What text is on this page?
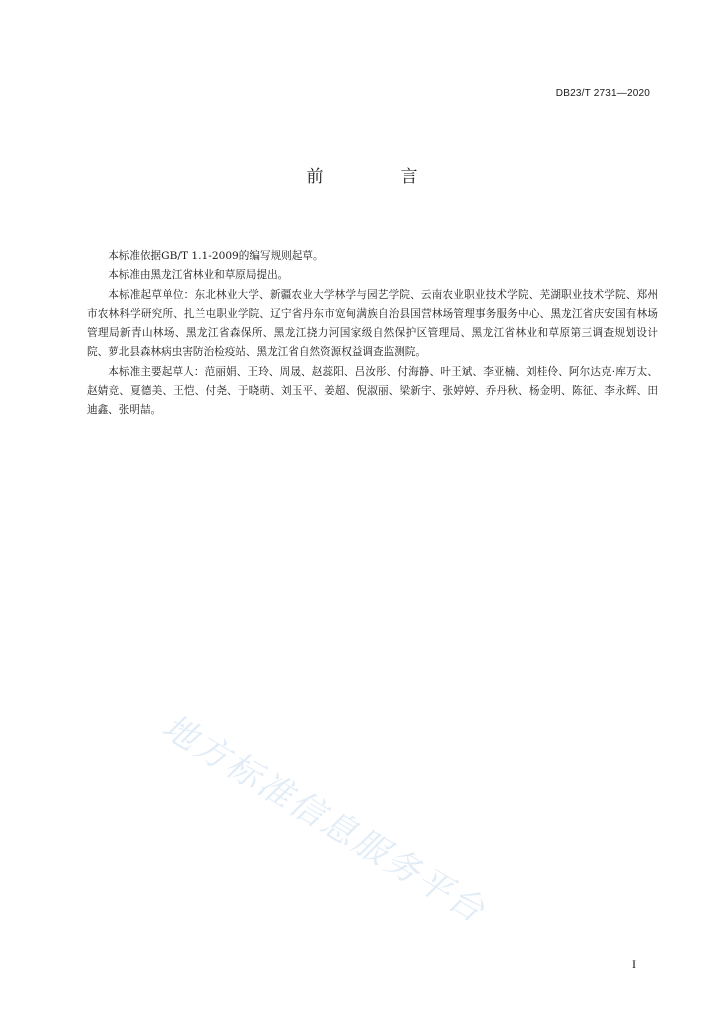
DB23/T 2731—2020
前　言

本标准依据GB/T 1.1-2009的编写规则起草。

本标准由黑龙江省林业和草原局提出。

本标准起草单位：东北林业大学、新疆农业大学林学与园艺学院、云南农业职业技术学院、芜湖职业技术学院、郑州市农林科学研究所、扎兰屯职业学院、辽宁省丹东市宽甸满族自治县国营林场管理事务服务中心、黑龙江省庆安国有林场管理局新青山林场、黑龙江省森保所、黑龙江挠力河国家级自然保护区管理局、黑龙江省林业和草原第三调查规划设计院、萝北县森林病虫害防治检疫站、黑龙江省自然资源权益调查监测院。

本标准主要起草人：范丽娟、王玲、周晟、赵蕊阳、吕汝彤、付海静、叶王斌、李亚楠、刘桂伶、阿尔达克·库万太、赵婧竞、夏德美、王恺、付尧、于晓萌、刘玉平、姜超、倪淑丽、梁新宇、张婷婷、乔丹秋、杨金明、陈征、李永辉、田迪鑫、张明喆。

地方标准信息服务平台
I
